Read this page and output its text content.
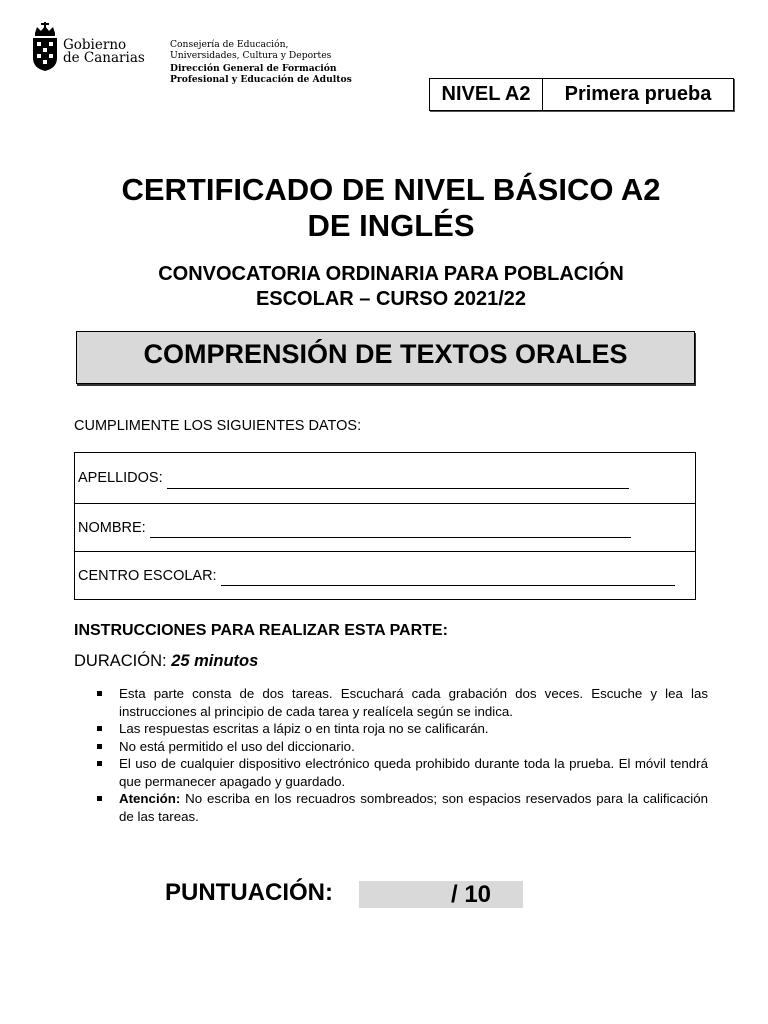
Gobierno
de Canarias
Consejería de Educación,
Universidades, Cultura y Deportes
Dirección General de Formación
Profesional y Educación de Adultos
NIVEL A2	Primera prueba
CERTIFICADO DE NIVEL BÁSICO A2
DE INGLÉS
CONVOCATORIA ORDINARIA PARA POBLACIÓN
ESCOLAR – CURSO 2021/22
COMPRENSIÓN DE TEXTOS ORALES
CUMPLIMENTE LOS SIGUIENTES DATOS:
APELLIDOS:
NOMBRE:
CENTRO ESCOLAR:
INSTRUCCIONES PARA REALIZAR ESTA PARTE:
DURACIÓN: 25 minutos
Esta parte consta de dos tareas. Escuchará cada grabación dos veces. Escuche y lea las instrucciones al principio de cada tarea y realícela según se indica.
Las respuestas escritas a lápiz o en tinta roja no se calificarán.
No está permitido el uso del diccionario.
El uso de cualquier dispositivo electrónico queda prohibido durante toda la prueba. El móvil tendrá que permanecer apagado y guardado.
Atención: No escriba en los recuadros sombreados; son espacios reservados para la calificación de las tareas.
PUNTUACIÓN:	/ 10
